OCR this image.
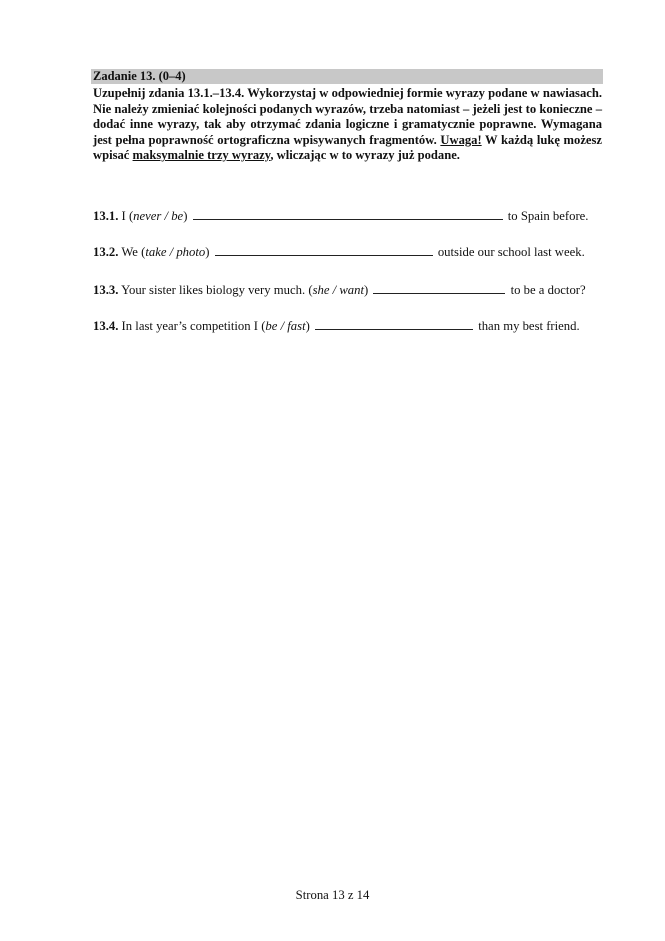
Zadanie 13. (0–4)
Uzupełnij zdania 13.1.–13.4. Wykorzystaj w odpowiedniej formie wyrazy podane w nawiasach. Nie należy zmieniać kolejności podanych wyrazów, trzeba natomiast – jeżeli jest to konieczne – dodać inne wyrazy, tak aby otrzymać zdania logiczne i gramatycznie poprawne. Wymagana jest pełna poprawność ortograficzna wpisywanych fragmentów. Uwaga! W każdą lukę możesz wpisać maksymalnie trzy wyrazy, wliczając w to wyrazy już podane.
13.1. I (never / be)	to Spain before.
13.2. We (take / photo)	outside our school last week.
13.3. Your sister likes biology very much. (she / want)	to be a doctor?
13.4. In last year’s competition I (be / fast)	than my best friend.
Strona 13 z 14
